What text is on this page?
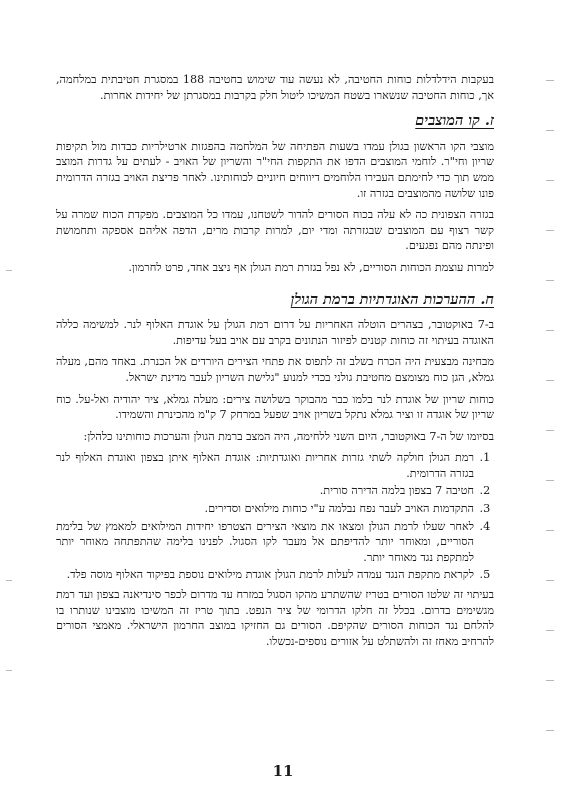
בעקבות הידלדלות כוחות החטיבה, לא נעשה עוד שימוש בחטיבה 188 במסגרת חטיבתית במלחמה, אך, כוחות החטיבה שנשארו בשטח המשיכו ליטול חלק בקרבות במסגרתן של יחידות אחרות.

ז. קו המוצבים

מוצבי הקו הראשון בגולן עמדו בשעות הפתיחה של המלחמה בהפגזות ארטילריות כבדות מול תקיפות שריון וחי"ר. לוחמי המוצבים הדפו את התקפות החי"ר והשריון של האויב - לעתים על גדרות המוצב ממש תוך כדי לחימתם העבירו הלוחמים דיווחים חיוניים לכוחותינו. לאחר פריצת האויב בגזרה הדרומית פונו שלושה מהמוצבים בגזרה זו.

בגזרה הצפונית כה לא עלה בכוח הסורים להדור לשטחנו, עמדו כל המוצבים. מפקדת הכוח שמרה על קשר רצוף עם המוצבים שבגזרתה ומדי יום, למרות קרבות מרים, הדפה אליהם אספקה ותחמושת ופינתה מהם נפגעים.

למרות עוצמת הכוחות הסוריים, לא נפל בגזרת רמת הגולן אף ניצב אחד, פרט לחרמון.

ח. ההערכות האוגדתיות ברמת הגולן

ב-7 באוקטובר, בצהרים הוטלה האחריות על דרום רמת הגולן על אוגדת האלוף לנר. למשימה כללה האוגדה בעיתוי זה כוחות קטנים לפיזור הנתונים בקרב עם אויב בעל עדיפות.

מבחינה מבצעית היה הכרח בשלב זה לתפוס את פתחי הצירים היורדים אל הכנרת. באחד מהם, מעלה גמלא, הגן כוח מצומצם מחטיבת גולני בכדי למנוע "גלישת השריון לעבר מדינת ישראל.

כוחות שריון של אוגדת לנר בלמו כבר מהבוקר בשלושה צירים: מעלה גמלא, ציר יהודיה ואל-על. כוח שריון של אוגדה זו וציר גמלא נתקל בשריון אויב שפעל במרחק 7 ק"מ מהכינרת והשמידו.

בסיומו של ה-7 באוקטובר, היום השני ללחימה, היה המצב ברמת הגולן והערכות כוחותינו כלהלן:

1. רמת הגולן חולקה לשתי גזרות אחריות ואוגדתיות: אוגדת האלוף איתן בצפון ואוגדת האלוף לנר בגזרה הדרומית.
2. חטיבה 7 בצפון בלמה הדירה סורית.
3. התקדמות האויב לעבר נפח נבלמה ע"י כוחות מילואים וסדירים.
4. לאחר שעלו לרמת הגולן ומצאו את מוצאי הצירים הצטרפו יחידות המילואים למאמץ של בלימת הסוריים, ומאוחר יותר להדיפתם אל מעבר לקו הסגול. לפנינו בלימה שהתפתחה מאוחר יותר למתקפת נגד מאוחר יותר.
5. לקראת מתקפת הנגד עמדה לעלות לרמת הגולן אוגדת מילואים נוספת בפיקוד האלוף מוסה פלד.

בעיתוי זה שלטו הסורים בטריז שהשתרע מהקו הסגול במזרח עד מדרום לכפר סינדיאנה בצפון ועד רמת מגשימים בדרום. בכלל זה חלקו הדרומי של ציר הנפט. בתוך טריז זה המשיכו מוצבינו שנותרו בו להלחם נגד הכוחות הסורים שהקיפם. הסורים גם החזיקו במוצב החרמון הישראלי. מאמצי הסורים להרחיב מאחז זה ולהשתלט על אזורים נוספים-נכשלו.

11
